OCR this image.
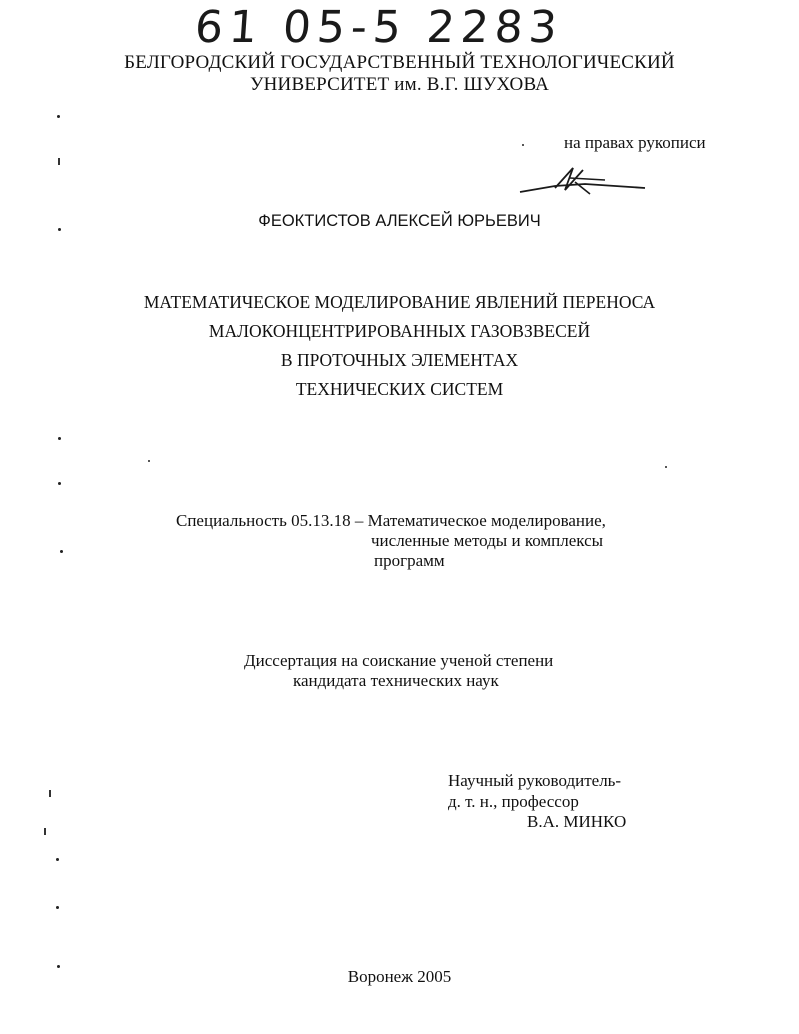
61 05-5 2283
БЕЛГОРОДСКИЙ ГОСУДАРСТВЕННЫЙ ТЕХНОЛОГИЧЕСКИЙ
УНИВЕРСИТЕТ им. В.Г. ШУХОВА
на правах рукописи
ФЕОКТИСТОВ АЛЕКСЕЙ ЮРЬЕВИЧ
МАТЕМАТИЧЕСКОЕ МОДЕЛИРОВАНИЕ ЯВЛЕНИЙ ПЕРЕНОСА
МАЛОКОНЦЕНТРИРОВАННЫХ ГАЗОВЗВЕСЕЙ
В ПРОТОЧНЫХ ЭЛЕМЕНТАХ
ТЕХНИЧЕСКИХ СИСТЕМ
Специальность 05.13.18 – Математическое моделирование,
численные методы и комплексы
программ
Диссертация на соискание ученой степени
кандидата технических наук
Научный руководитель-
д. т. н., профессор
В.А. МИНКО
Воронеж 2005
